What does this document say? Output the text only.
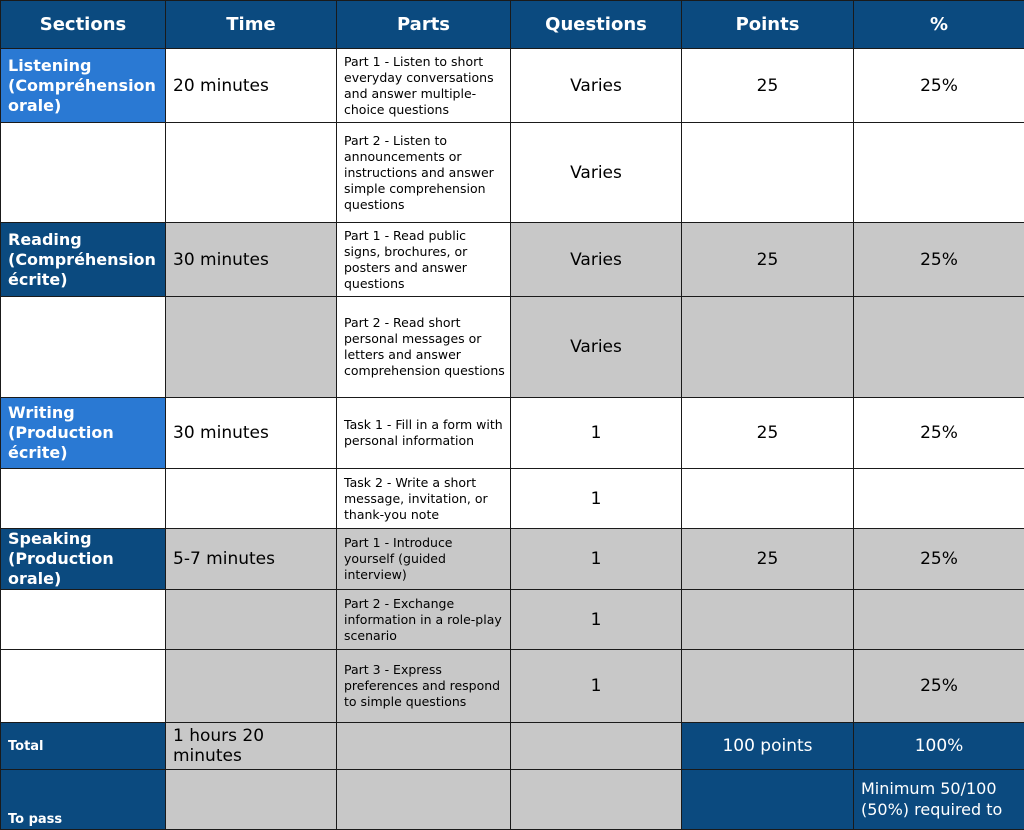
Sections	Time	Parts	Questions	Points	%
Listening (Compréhension orale)	20 minutes	Part 1 - Listen to short everyday conversations and answer multiple-choice questions	Varies	25	25%
		Part 2 - Listen to announcements or instructions and answer simple comprehension questions	Varies		
Reading (Compréhension écrite)	30 minutes	Part 1 - Read public signs, brochures, or posters and answer questions	Varies	25	25%
		Part 2 - Read short personal messages or letters and answer comprehension questions	Varies		
Writing (Production écrite)	30 minutes	Task 1 - Fill in a form with personal information	1	25	25%
		Task 2 - Write a short message, invitation, or thank-you note	1		
Speaking (Production orale)	5-7 minutes	Part 1 - Introduce yourself (guided interview)	1	25	25%
		Part 2 - Exchange information in a role-play scenario	1		
		Part 3 - Express preferences and respond to simple questions	1		25%
Total	1 hours 20 minutes			100 points	100%
To pass					Minimum 50/100 (50%) required to
